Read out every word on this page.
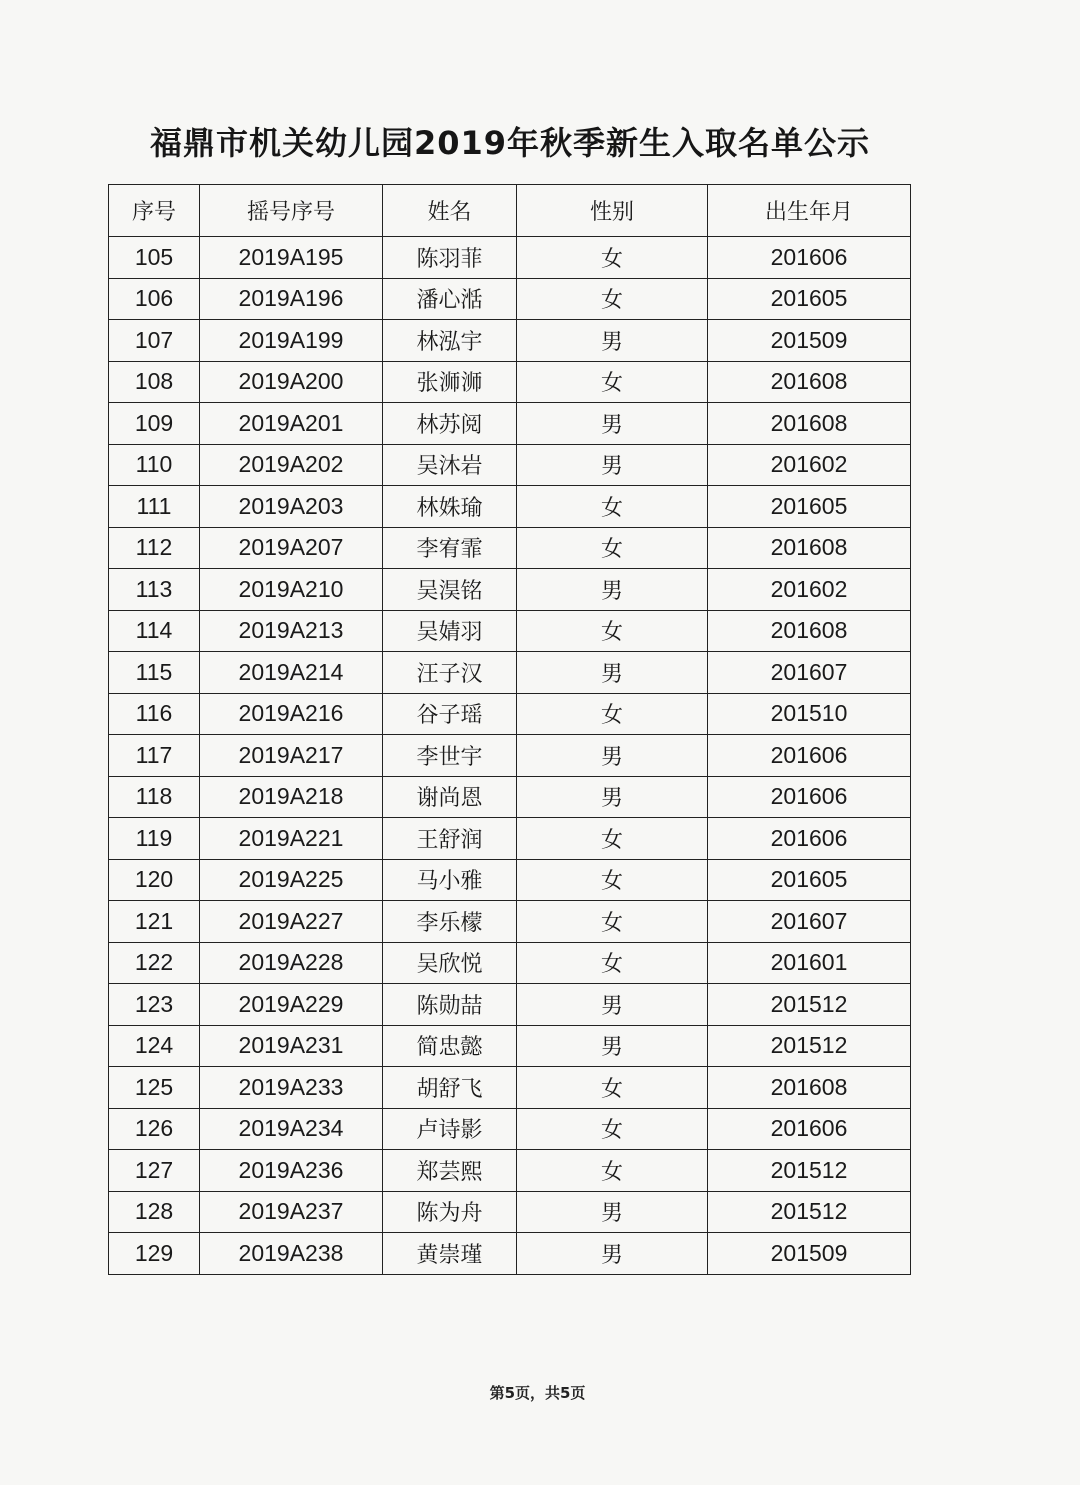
福鼎市机关幼儿园2019年秋季新生入取名单公示
序号	摇号序号	姓名	性别	出生年月
105	2019A195	陈羽菲	女	201606
106	2019A196	潘心湉	女	201605
107	2019A199	林泓宇	男	201509
108	2019A200	张浉浉	女	201608
109	2019A201	林苏阅	男	201608
110	2019A202	吴沐岩	男	201602
111	2019A203	林姝瑜	女	201605
112	2019A207	李宥霏	女	201608
113	2019A210	吴淏铭	男	201602
114	2019A213	吴婧羽	女	201608
115	2019A214	汪子汉	男	201607
116	2019A216	谷子瑶	女	201510
117	2019A217	李世宇	男	201606
118	2019A218	谢尚恩	男	201606
119	2019A221	王舒润	女	201606
120	2019A225	马小雅	女	201605
121	2019A227	李乐檬	女	201607
122	2019A228	吴欣悦	女	201601
123	2019A229	陈勋喆	男	201512
124	2019A231	简忠懿	男	201512
125	2019A233	胡舒飞	女	201608
126	2019A234	卢诗影	女	201606
127	2019A236	郑芸熙	女	201512
128	2019A237	陈为舟	男	201512
129	2019A238	黄崇瑾	男	201509
第5页，共5页
